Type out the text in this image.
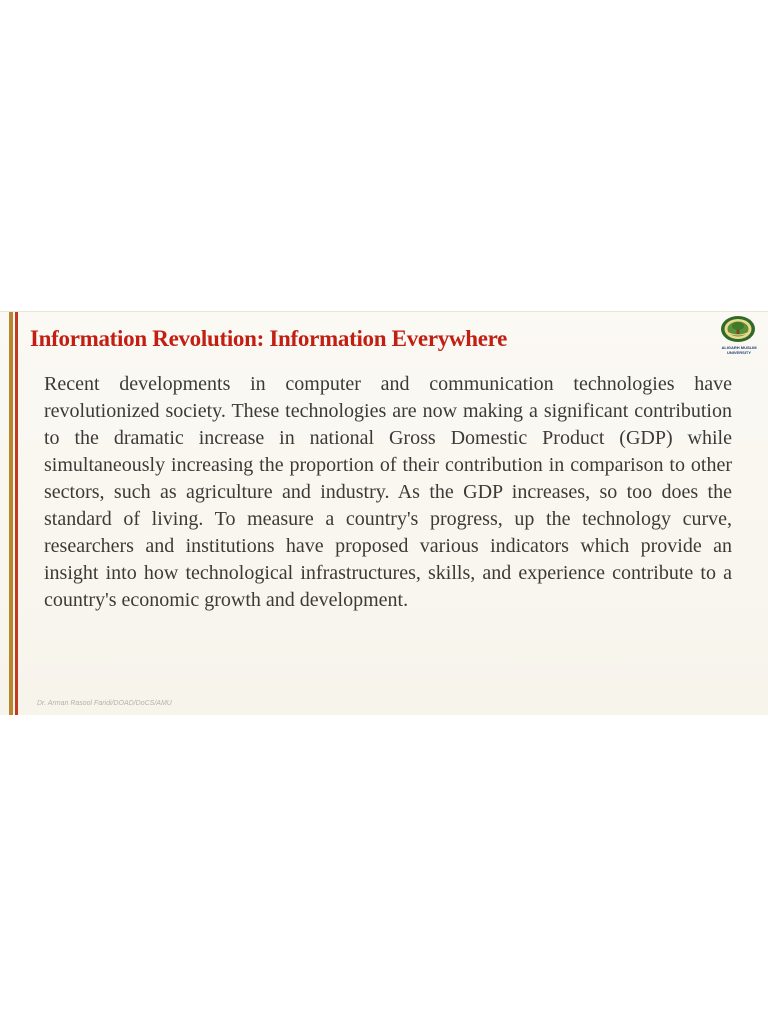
Information Revolution: Information Everywhere	ALIGARH MUSLIM
UNIVERSITY

Recent developments in computer and communication technologies have revolutionized society. These technologies are now making a significant contribution to the dramatic increase in national Gross Domestic Product (GDP) while simultaneously increasing the proportion of their contribution in comparison to other sectors, such as agriculture and industry. As the GDP increases, so too does the standard of living. To measure a country's progress, up the technology curve, researchers and institutions have proposed various indicators which provide an insight into how technological infrastructures, skills, and experience contribute to a country's economic growth and development.

Dr. Arman Rasool Faridi/DOAD/DoCS/AMU
